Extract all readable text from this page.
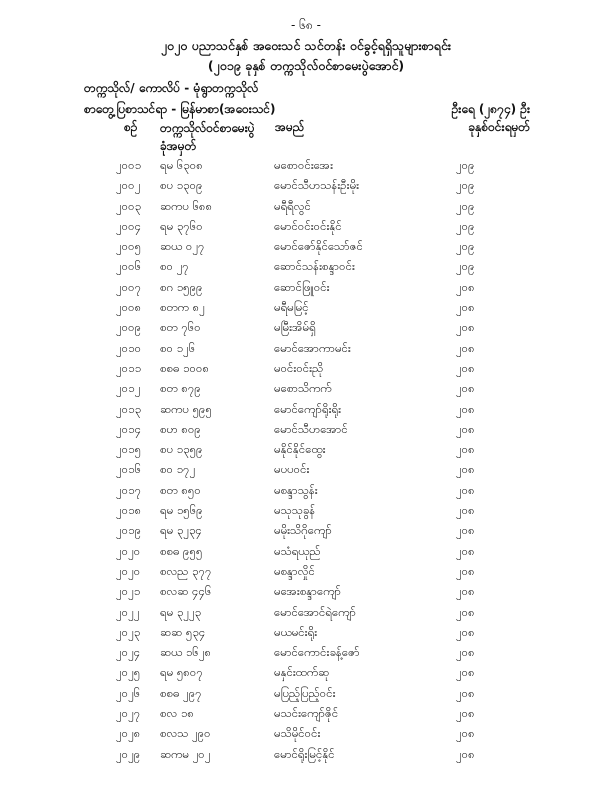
- ၆၈ -
၂၀၂၀ ပညာသင်နှစ် အဝေးသင် သင်တန်း ဝင်ခွင့်ရရှိသူများစာရင်း
(၂၀၁၉ ခုနှစ် တက္ကသိုလ်ဝင်စာမေးပွဲအောင်)
တက္ကသိုလ်/ ကောလိပ် - မုံရွာတက္ကသိုလ်
စာတွေ့ပြစာသင်ရာ - မြန်မာစာ(အဝေးသင်)	ဦးရေ (၂၈၇၄) ဦး
စဉ် တက္ကသိုလ်ဝင်စာမေးပွဲ ခုံအမှတ်
အမည်	ခုနှစ်ဝင်းရမှတ်
၂၀၀၁ ရမ ၆၃၀၈	မစောဝင်းအေး	၂၀၉
၂၀၀၂ စပ ၁၃၀၉	မောင်သီဟသန်းဦးမိုး	၂၀၉
၂၀၀၃ ဆကပ ၆၈၈	မရီရီလွင်	၂၀၉
၂၀၀၄ ရမ ၃၇၆၀	မောင်ဝင်းဝင်းနိုင်	၂၀၉
၂၀၀၅ ဆယ ၀၂၇	မောင်ဇော်နိုင်သော်ဇင်	၂၀၉
၂၀၀၆ စဝ ၂၇	ဆောင်သန်းစန္ဒာဝင်း	၂၀၉
၂၀၀၇ စဂ ၁၅၉၉	ဆောင်ဖြူဝင်း	၂၀၈
၂၀၀၈ စတက ၈၂	မရီမမြင့်	၂၀၈
၂၀၀၉ စတ ၇၆၀	မမြီးအိမ်ရှိ	၂၀၈
၂၀၁၀ စဝ ၁၂၆	မောင်အောကာမင်း	၂၀၈
၂၀၁၁ စစဓ ၁၀၀၈	မဝင်းဝင်းညို	၂၀၈
၂၀၁၂ စတ ၈၇၉	မစောသိကက်	၂၀၈
၂၀၁၃ ဆကပ ၅၉၅	မောင်ကျော်ရိုးရိုး	၂၀၈
၂၀၁၄ စဟ ၈၀၉	မောင်သီဟအောင်	၂၀၈
၂၀၁၅ စပ ၁၃၅၉	မနိုင်နိုင်ထွေး	၂၀၈
၂၀၁၆ စဝ ၁၇၂	မပပဝင်း	၂၀၈
၂၀၁၇ စတ ၈၅၀	မစန္ဒာသွန်း	၂၀၈
၂၀၁၈ ရမ ၁၅၆၉	မသုသုခွန်	၂၀၈
၂၀၁၉ ရမ ၃၂၃၄	မမိုးသိဂိုကျော်	၂၀၈
၂၀၂၀ စစဓ ၉၅၅	မသံရယုည်	၂၀၈
၂၀၂၀ စလည ၃၇၇	မစန္ဒာလှိုင်	၂၀၈
၂၀၂၁ စလဆ ၄၄၆	မအေးစန္ဒာကျော်	၂၀၈
၂၀၂၂ ရမ ၃၂၂၃	မောင်အောင်ရဲကျော်	၂၀၈
၂၀၂၃ ဆဆ ၅၃၄	မယမင်းရိုး	၂၀၈
၂၀၂၄ ဆယ ၁၆၂၈	မောင်ကောင်းခန့်ဇော်	၂၀၈
၂၀၂၅ ရမ ၅၈၀၇	မနှင်းထက်ဆု	၂၀၈
၂၀၂၆ စစဓ ၂၉၇	မပြည့်ပြည့်ဝင်း	၂၀၈
၂၀၂၇ စလ ၁၈	မသင်းကျော်ဇိုင်	၂၀၈
၂၀၂၈ စလသ ၂၉၀	မသိမိုင်ဝင်း	၂၀၈
၂၀၂၉ ဆကမ ၂၀၂	မောင်ရိုးမြင့်နိုင်	၂၀၈
